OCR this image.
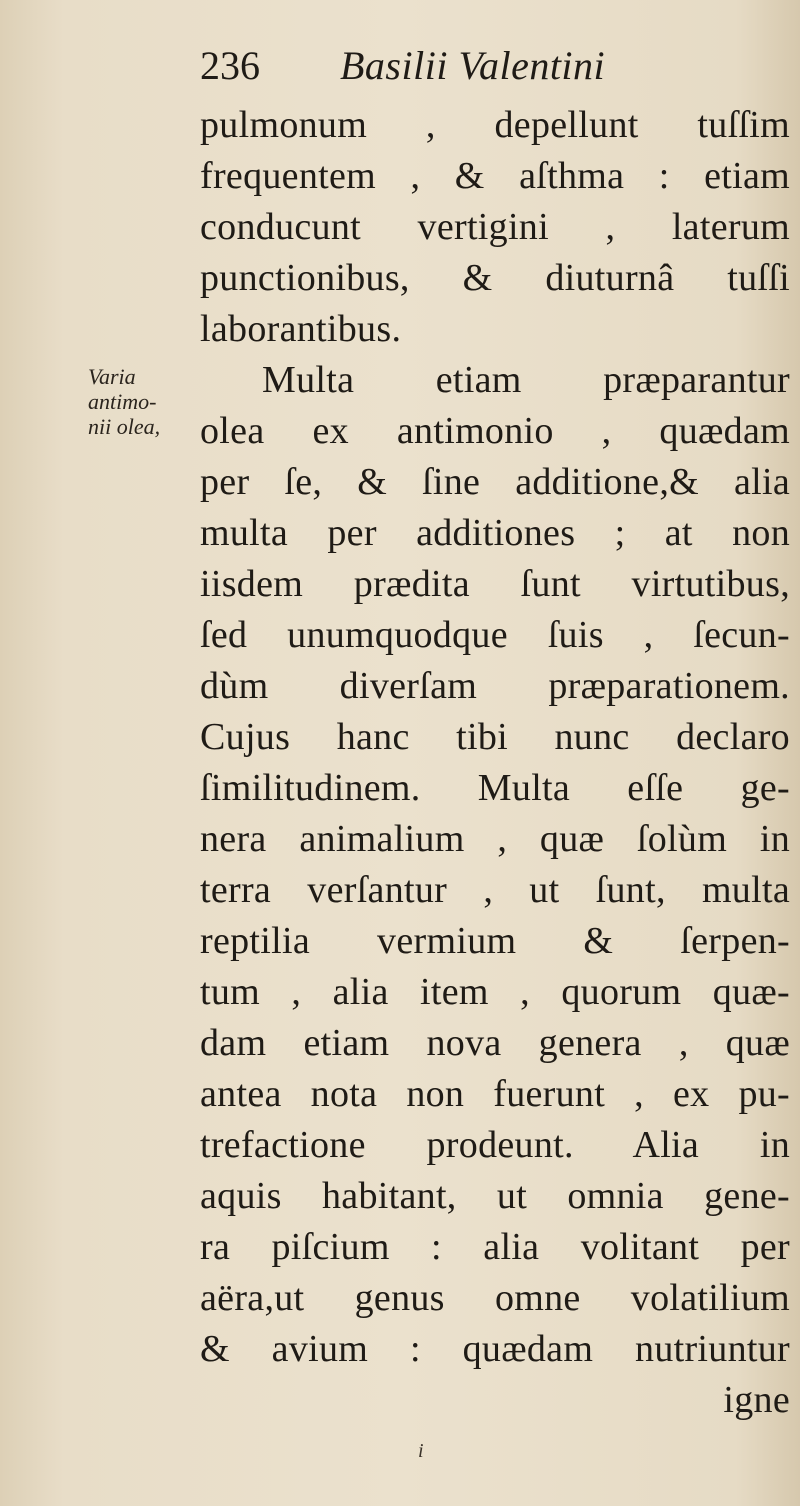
236 Basilii Valentini
Varia
antimo-
nii olea,
pulmonum , depellunt tuſſim
frequentem , & aſthma : etiam
conducunt vertigini , laterum
punctionibus, & diuturnâ tuſſi
laborantibus.
Multa etiam præparantur
olea ex antimonio , quædam
per ſe, & ſine additione,& alia
multa per additiones ; at non
iisdem prædita ſunt virtutibus,
ſed unumquodque ſuis , ſecun-
dùm diverſam præparationem.
Cujus hanc tibi nunc declaro
ſimilitudinem. Multa eſſe ge-
nera animalium , quæ ſolùm in
terra verſantur , ut ſunt, multa
reptilia vermium & ſerpen-
tum , alia item , quorum quæ-
dam etiam nova genera , quæ
antea nota non fuerunt , ex pu-
trefactione prodeunt. Alia in
aquis habitant, ut omnia gene-
ra piſcium : alia volitant per
aëra,ut genus omne volatilium
& avium : quædam nutriuntur
igne
i
